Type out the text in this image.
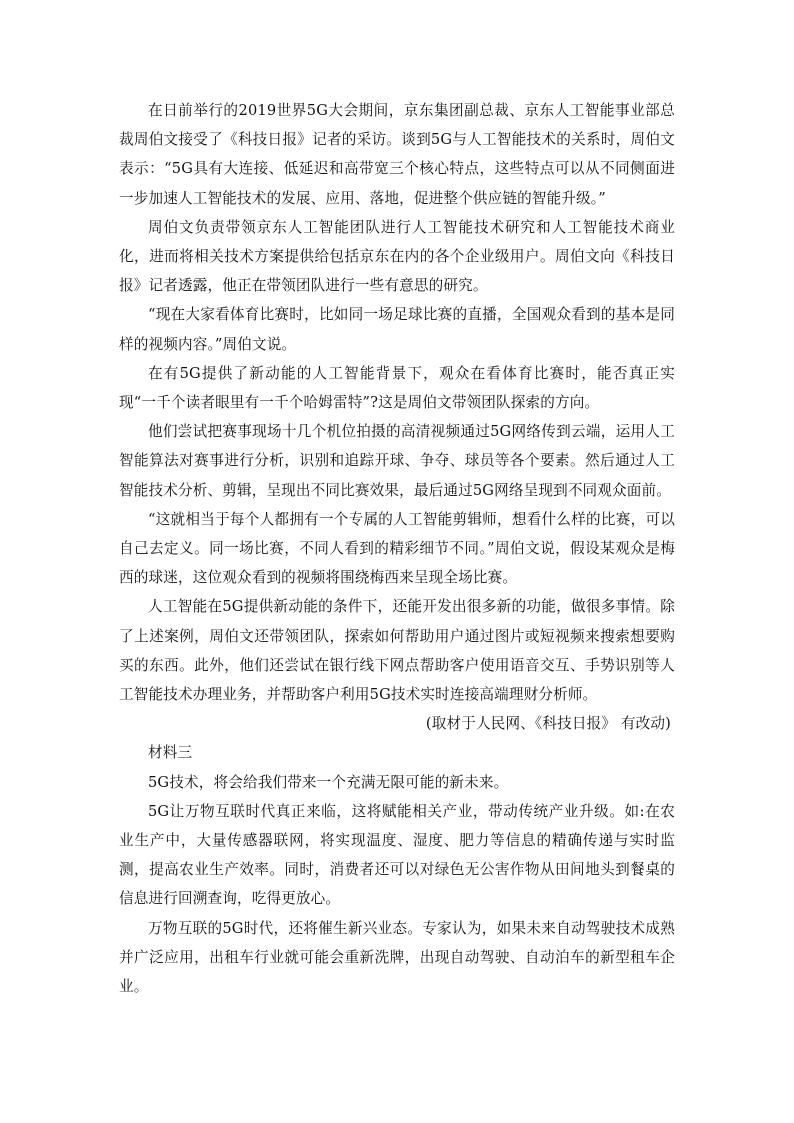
在日前举行的2019世界5G大会期间，京东集团副总裁、京东人工智能事业部总裁周伯文接受了《科技日报》记者的采访。谈到5G与人工智能技术的关系时，周伯文表示：“5G具有大连接、低延迟和高带宽三个核心特点，这些特点可以从不同侧面进一步加速人工智能技术的发展、应用、落地，促进整个供应链的智能升级。”

周伯文负责带领京东人工智能团队进行人工智能技术研究和人工智能技术商业化，进而将相关技术方案提供给包括京东在内的各个企业级用户。周伯文向《科技日报》记者透露，他正在带领团队进行一些有意思的研究。

“现在大家看体育比赛时，比如同一场足球比赛的直播，全国观众看到的基本是同样的视频内容。”周伯文说。

在有5G提供了新动能的人工智能背景下，观众在看体育比赛时，能否真正实现“一千个读者眼里有一千个哈姆雷特”?这是周伯文带领团队探索的方向。

他们尝试把赛事现场十几个机位拍摄的高清视频通过5G网络传到云端，运用人工智能算法对赛事进行分析，识别和追踪开球、争夺、球员等各个要素。然后通过人工智能技术分析、剪辑，呈现出不同比赛效果，最后通过5G网络呈现到不同观众面前。

“这就相当于每个人都拥有一个专属的人工智能剪辑师，想看什么样的比赛，可以自己去定义。同一场比赛，不同人看到的精彩细节不同。”周伯文说，假设某观众是梅西的球迷，这位观众看到的视频将围绕梅西来呈现全场比赛。

人工智能在5G提供新动能的条件下，还能开发出很多新的功能，做很多事情。除了上述案例，周伯文还带领团队，探索如何帮助用户通过图片或短视频来搜索想要购买的东西。此外，他们还尝试在银行线下网点帮助客户使用语音交互、手势识别等人工智能技术办理业务，并帮助客户利用5G技术实时连接高端理财分析师。

(取材于人民网、《科技日报》 有改动)

材料三

5G技术，将会给我们带来一个充满无限可能的新未来。

5G让万物互联时代真正来临，这将赋能相关产业，带动传统产业升级。如:在农业生产中，大量传感器联网，将实现温度、湿度、肥力等信息的精确传递与实时监测，提高农业生产效率。同时，消费者还可以对绿色无公害作物从田间地头到餐桌的信息进行回溯查询，吃得更放心。

万物互联的5G时代，还将催生新兴业态。专家认为，如果未来自动驾驶技术成熟并广泛应用，出租车行业就可能会重新洗牌，出现自动驾驶、自动泊车的新型租车企业。
